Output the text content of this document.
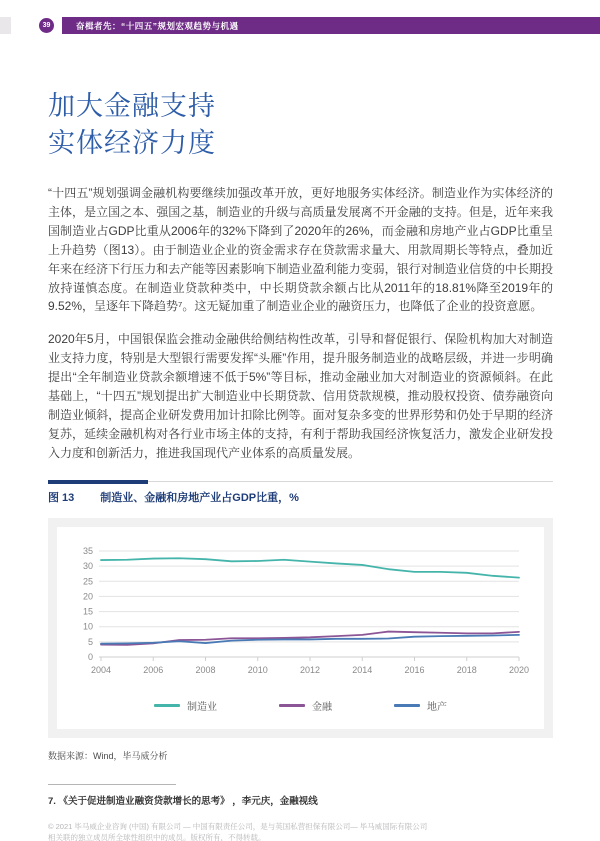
39	奋楫者先：“十四五”规划宏观趋势与机遇
加大金融支持
实体经济力度

“十四五”规划强调金融机构要继续加强改革开放，更好地服务实体经济。制造业作为实体经济的主体，是立国之本、强国之基，制造业的升级与高质量发展离不开金融的支持。但是，近年来我国制造业占GDP比重从2006年的32%下降到了2020年的26%，而金融和房地产业占GDP比重呈上升趋势（图13）。由于制造业企业的资金需求存在贷款需求量大、用款周期长等特点，叠加近年来在经济下行压力和去产能等因素影响下制造业盈利能力变弱，银行对制造业信贷的中长期投放持谨慎态度。在制造业贷款种类中，中长期贷款余额占比从2011年的18.81%降至2019年的9.52%，呈逐年下降趋势⁷。这无疑加重了制造业企业的融资压力，也降低了企业的投资意愿。

2020年5月，中国银保监会推动金融供给侧结构性改革，引导和督促银行、保险机构加大对制造业支持力度，特别是大型银行需要发挥“头雁”作用，提升服务制造业的战略层级，并进一步明确提出“全年制造业贷款余额增速不低于5%”等目标，推动金融业加大对制造业的资源倾斜。在此基础上，“十四五”规划提出扩大制造业中长期贷款、信用贷款规模，推动股权投资、债券融资向制造业倾斜，提高企业研发费用加计扣除比例等。面对复杂多变的世界形势和仍处于早期的经济复苏，延续金融机构对各行业市场主体的支持，有利于帮助我国经济恢复活力，激发企业研发投入力度和创新活力，推进我国现代产业体系的高质量发展。

图 13 制造业、金融和房地产业占GDP比重，%
0
5
10
15
20
25
30
35
2004	2006	2008	2010	2012	2014	2016	2018	2020
制造业	金融	地产
数据来源：Wind，毕马威分析
7. 《关于促进制造业融资贷款增长的思考》 ，李元庆，金融视线
© 2021 毕马威企业咨询 (中国) 有限公司 — 中国有限责任公司，是与英国私营担保有限公司— 毕马威国际有限公司
相关联的独立成员所全球性组织中的成员。版权所有，不得转载。
